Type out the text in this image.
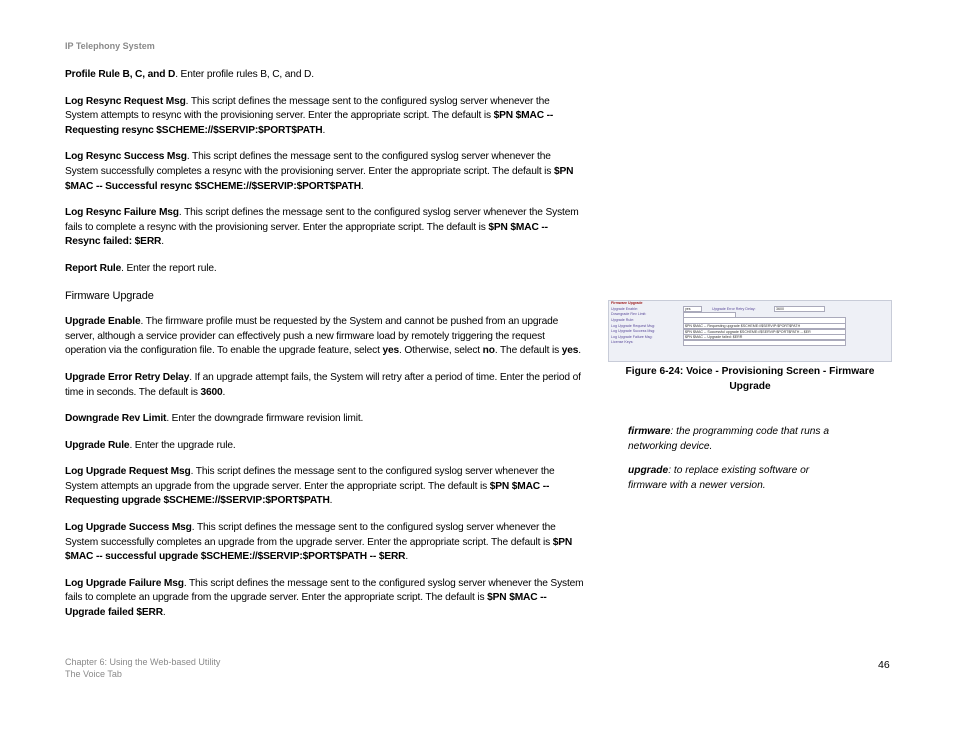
IP Telephony System

Profile Rule B, C, and D. Enter profile rules B, C, and D.

Log Resync Request Msg. This script defines the message sent to the configured syslog server whenever the System attempts to resync with the provisioning server. Enter the appropriate script. The default is $PN $MAC -- Requesting resync $SCHEME://$SERVIP:$PORT$PATH.

Log Resync Success Msg. This script defines the message sent to the configured syslog server whenever the System successfully completes a resync with the provisioning server. Enter the appropriate script. The default is $PN $MAC -- Successful resync $SCHEME://$SERVIP:$PORT$PATH.

Log Resync Failure Msg. This script defines the message sent to the configured syslog server whenever the System fails to complete a resync with the provisioning server. Enter the appropriate script. The default is $PN $MAC -- Resync failed: $ERR.

Report Rule. Enter the report rule.

Firmware Upgrade

Upgrade Enable. The firmware profile must be requested by the System and cannot be pushed from an upgrade server, although a service provider can effectively push a new firmware load by remotely triggering the request operation via the configuration file. To enable the upgrade feature, select yes. Otherwise, select no. The default is yes.

Upgrade Error Retry Delay. If an upgrade attempt fails, the System will retry after a period of time. Enter the period of time in seconds. The default is 3600.

Downgrade Rev Limit. Enter the downgrade firmware revision limit.

Upgrade Rule. Enter the upgrade rule.

Log Upgrade Request Msg. This script defines the message sent to the configured syslog server whenever the System attempts an upgrade from the upgrade server. Enter the appropriate script. The default is $PN $MAC -- Requesting upgrade $SCHEME://$SERVIP:$PORT$PATH.

Log Upgrade Success Msg. This script defines the message sent to the configured syslog server whenever the System successfully completes an upgrade from the upgrade server. Enter the appropriate script. The default is $PN $MAC -- successful upgrade $SCHEME://$SERVIP:$PORT$PATH -- $ERR.

Log Upgrade Failure Msg. This script defines the message sent to the configured syslog server whenever the System fails to complete an upgrade from the upgrade server. Enter the appropriate script. The default is $PN $MAC -- Upgrade failed $ERR.

Firmware Upgrade
Upgrade Enable:	yes	Upgrade Error Retry Delay:	3600
Downgrade Rev Limit:
Upgrade Rule:
Log Upgrade Request Msg:	$PN $MAC -- Requesting upgrade $SCHEME://$SERVIP:$PORT$PATH
Log Upgrade Success Msg:	$PN $MAC -- Successful upgrade $SCHEME://$SERVIP:$PORT$PATH -- $ER
Log Upgrade Failure Msg:	$PN $MAC -- Upgrade failed: $ERR
License Keys:
Figure 6-24: Voice - Provisioning Screen - Firmware Upgrade
firmware: the programming code that runs a networking device.
upgrade: to replace existing software or firmware with a newer version.
Chapter 6: Using the Web-based Utility
The Voice Tab
46
